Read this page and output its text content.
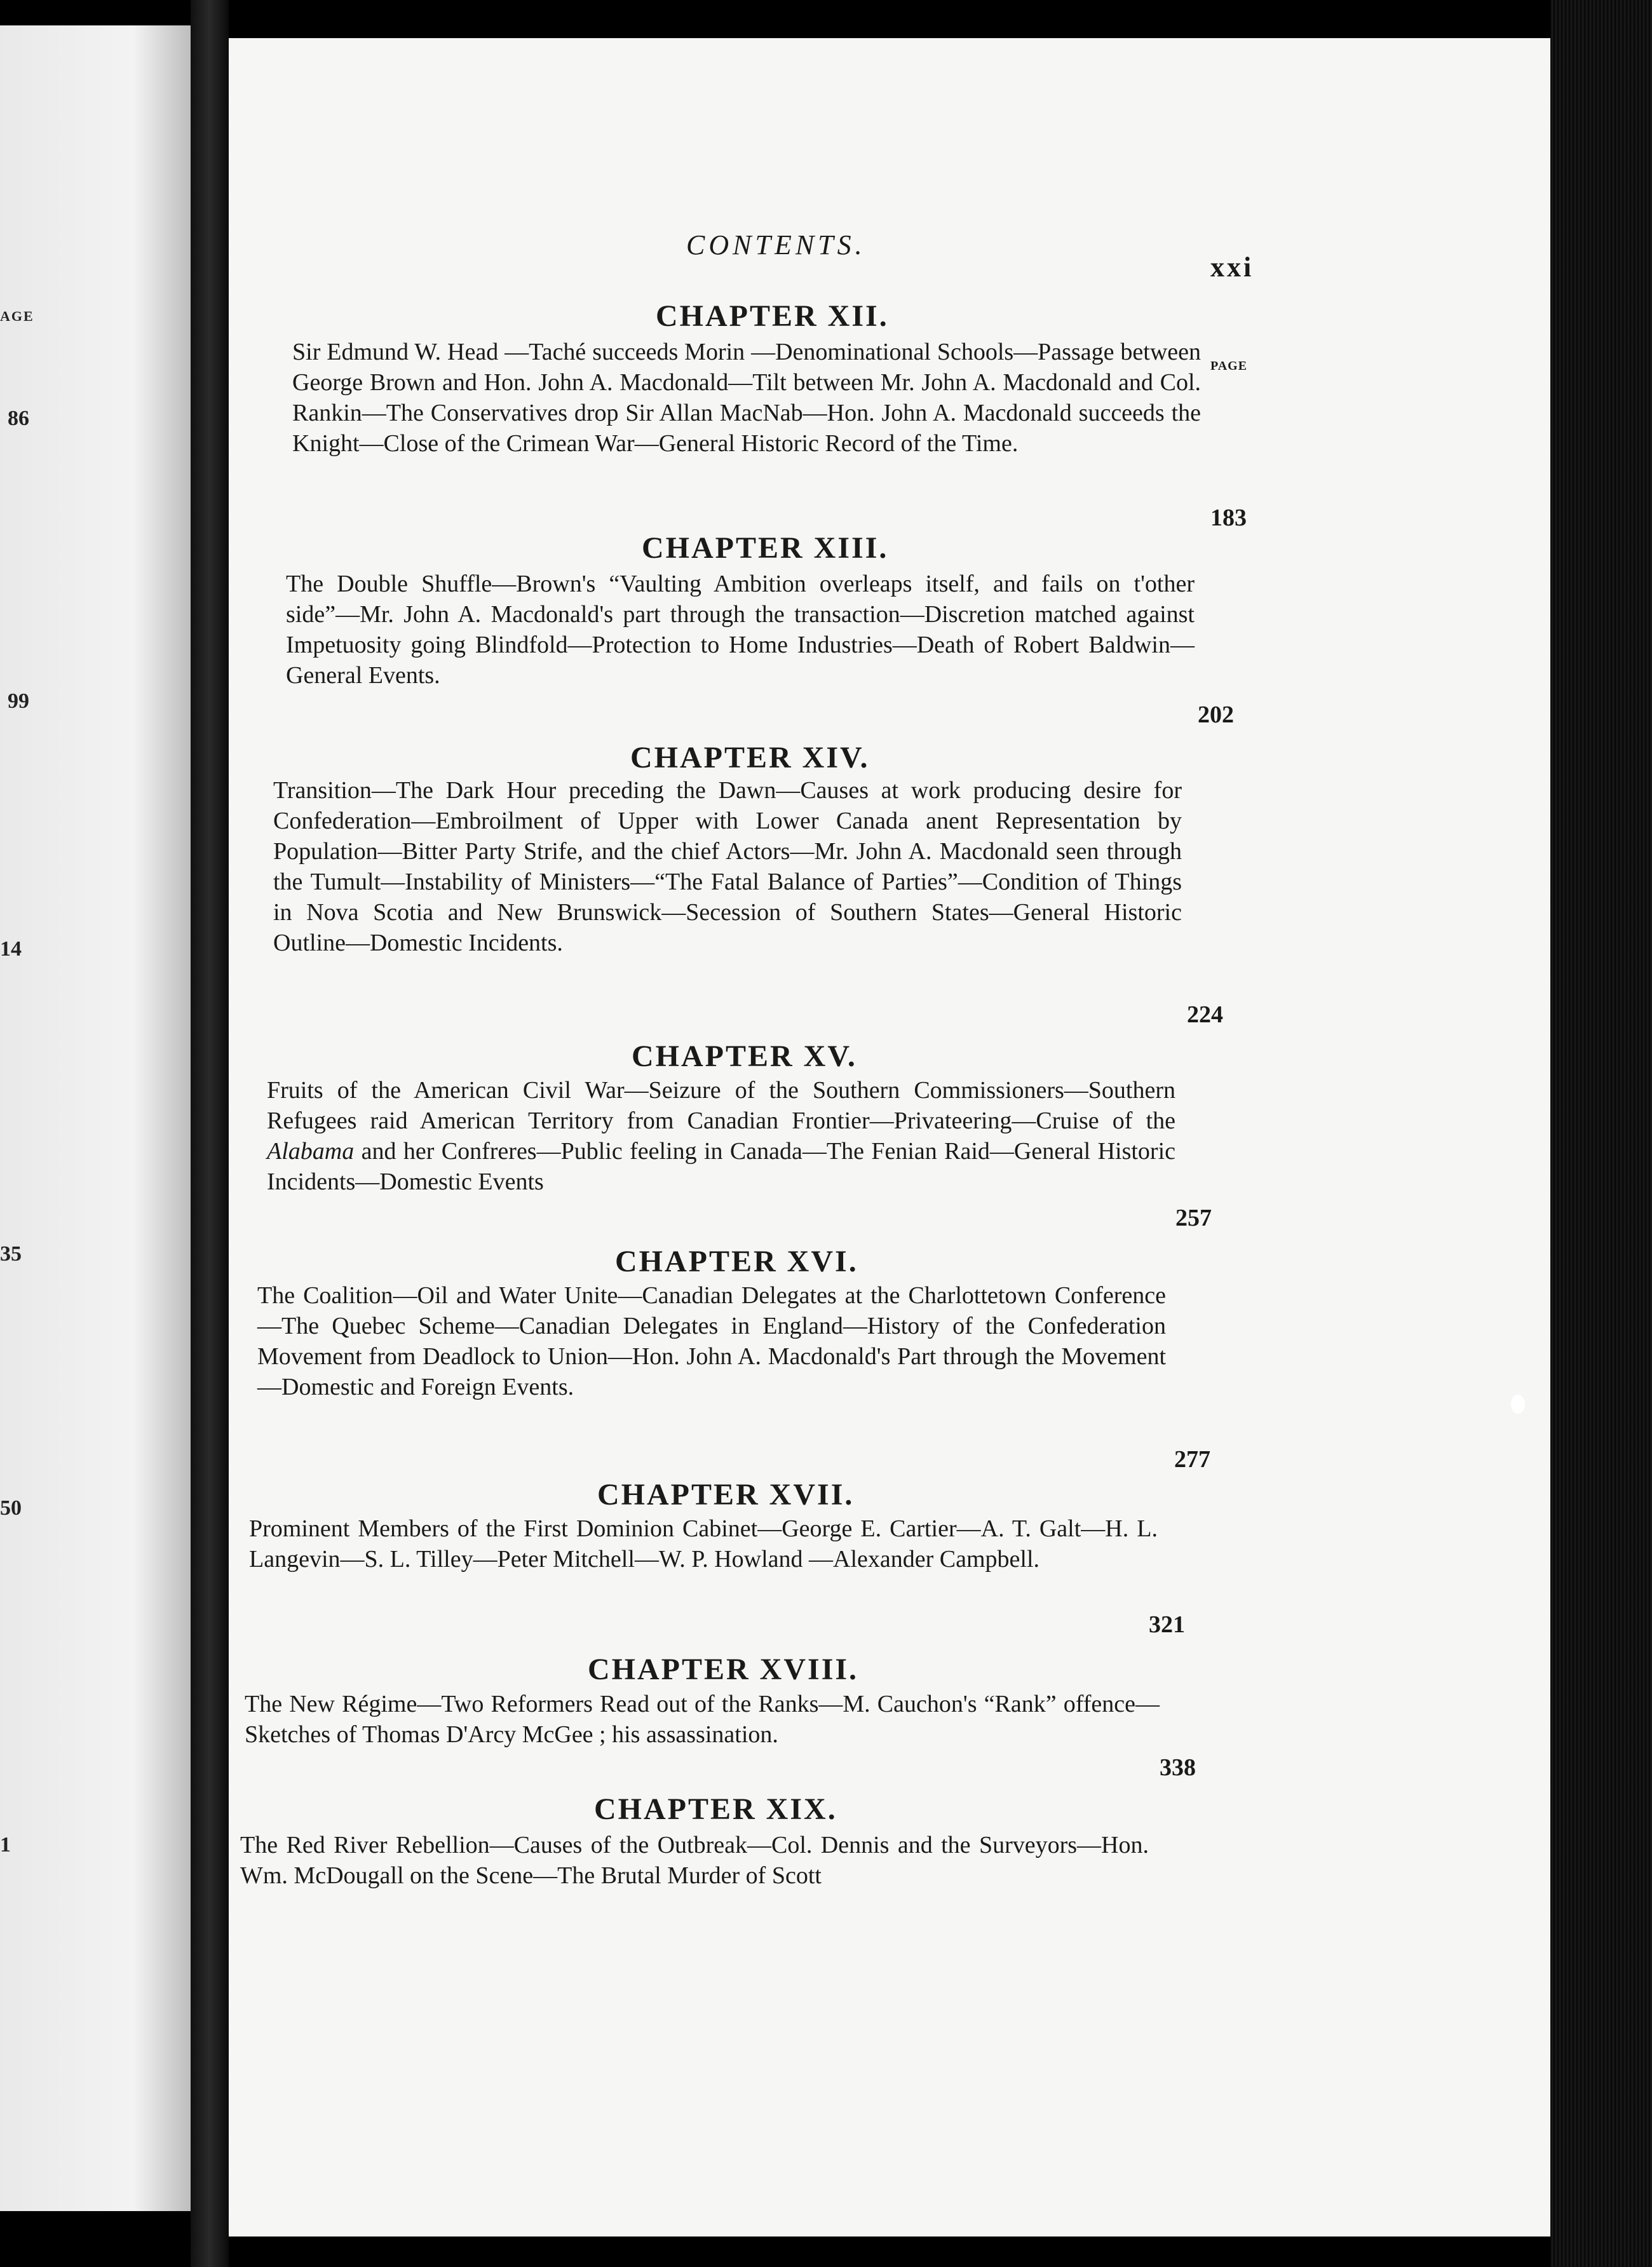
AGE
86
99
14
35
50
1
CONTENTS.
xxi
PAGE
CHAPTER XII.
Sir Edmund W. Head —Taché succeeds Morin —Denominational Schools—Passage between George Brown and Hon. John A. Macdonald—Tilt between Mr. John A. Macdonald and Col. Rankin—The Conservatives drop Sir Allan MacNab—Hon. John A. Macdonald succeeds the Knight—Close of the Crimean War—General Historic Record of the Time.
183
CHAPTER XIII.
The Double Shuffle—Brown's “Vaulting Ambition overleaps itself, and fails on t'other side”—Mr. John A. Macdonald's part through the transaction—Discretion matched against Impetuosity going Blindfold—Protection to Home Industries—Death of Robert Baldwin—General Events.
202
CHAPTER XIV.
Transition—The Dark Hour preceding the Dawn—Causes at work producing desire for Confederation—Embroilment of Upper with Lower Canada anent Representation by Population—Bitter Party Strife, and the chief Actors—Mr. John A. Macdonald seen through the Tumult—Instability of Ministers—“The Fatal Balance of Parties”—Condition of Things in Nova Scotia and New Brunswick—Secession of Southern States—General Historic Outline—Domestic Incidents.
224
CHAPTER XV.
Fruits of the American Civil War—Seizure of the Southern Commissioners—Southern Refugees raid American Territory from Canadian Frontier—Privateering—Cruise of the Alabama and her Confreres—Public feeling in Canada—The Fenian Raid—General Historic Incidents—Domestic Events
257
CHAPTER XVI.
The Coalition—Oil and Water Unite—Canadian Delegates at the Charlottetown Conference—The Quebec Scheme—Canadian Delegates in England—History of the Confederation Movement from Deadlock to Union—Hon. John A. Macdonald's Part through the Movement—Domestic and Foreign Events.
277
CHAPTER XVII.
Prominent Members of the First Dominion Cabinet—George E. Cartier—A. T. Galt—H. L. Langevin—S. L. Tilley—Peter Mitchell—W. P. Howland —Alexander Campbell.
321
CHAPTER XVIII.
The New Régime—Two Reformers Read out of the Ranks—M. Cauchon's “Rank” offence—Sketches of Thomas D'Arcy McGee ; his assassination.
338
CHAPTER XIX.
The Red River Rebellion—Causes of the Outbreak—Col. Dennis and the Surveyors—Hon. Wm. McDougall on the Scene—The Brutal Murder of Scott
